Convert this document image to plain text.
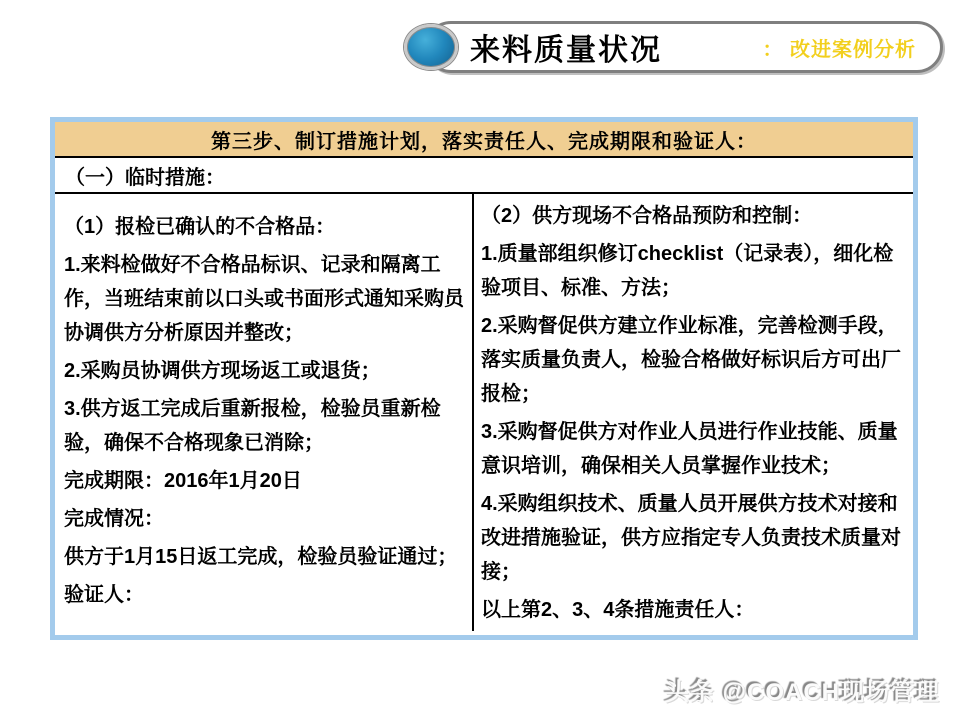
来料质量状况	： 改进案例分析
第三步、制订措施计划，落实责任人、完成期限和验证人：
（一）临时措施：

（1）报检已确认的不合格品：

1.来料检做好不合格品标识、记录和隔离工作，当班结束前以口头或书面形式通知采购员协调供方分析原因并整改；

2.采购员协调供方现场返工或退货；

3.供方返工完成后重新报检，检验员重新检验，确保不合格现象已消除；

完成期限：2016年1月20日

完成情况：

供方于1月15日返工完成，检验员验证通过；

验证人：

（2）供方现场不合格品预防和控制：

1.质量部组织修订checklist（记录表），细化检验项目、标准、方法；

2.采购督促供方建立作业标准，完善检测手段，落实质量负责人，检验合格做好标识后方可出厂报检；

3.采购督促供方对作业人员进行作业技能、质量意识培训，确保相关人员掌握作业技术；

4.采购组织技术、质量人员开展供方技术对接和改进措施验证，供方应指定专人负责技术质量对接；

以上第2、3、4条措施责任人：

头条 @COACH现场管理
